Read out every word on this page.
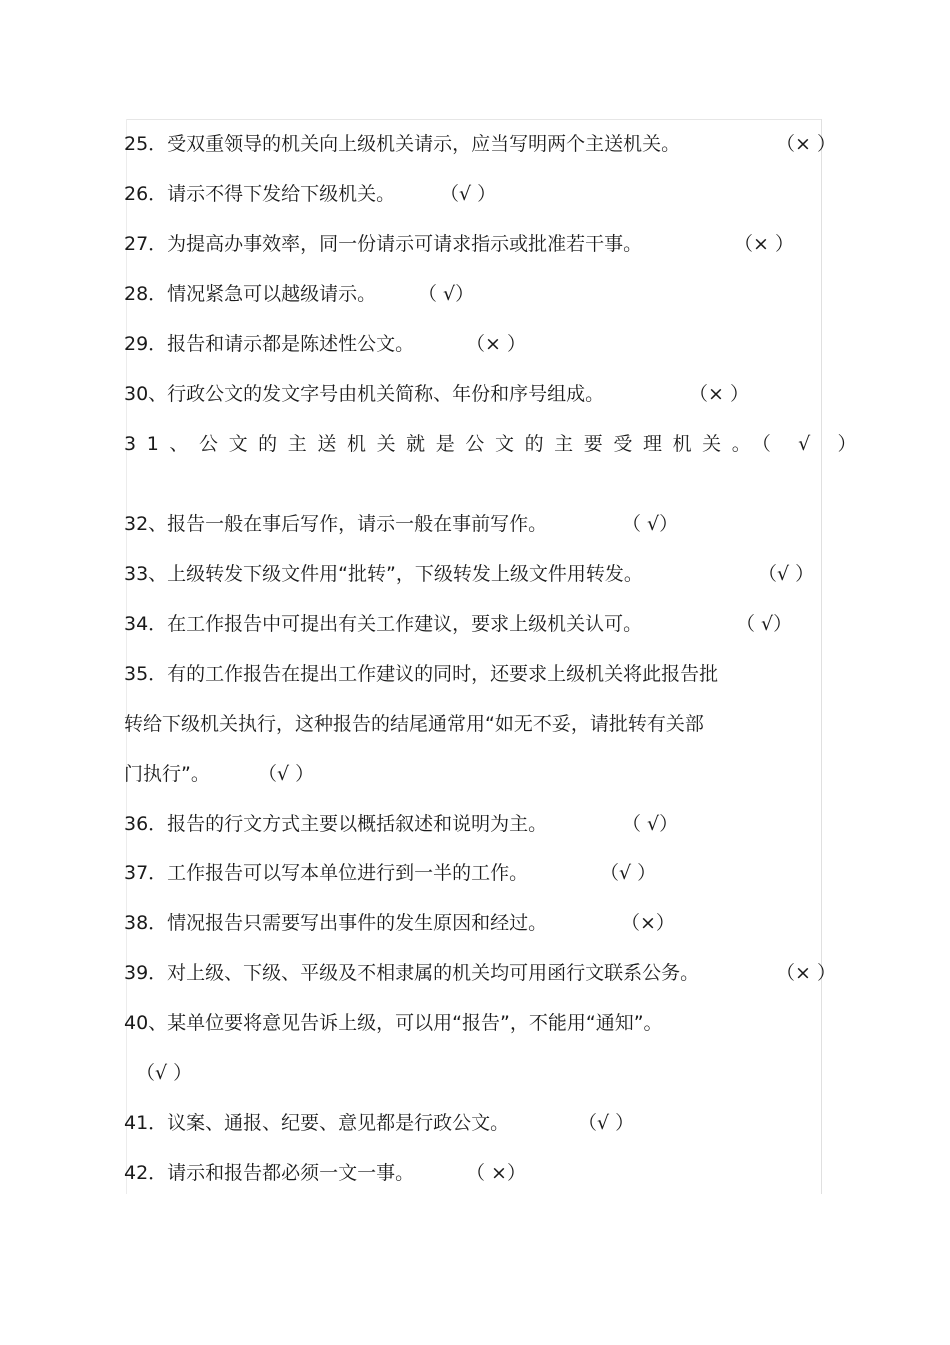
25．受双重领导的机关向上级机关请示，应当写明两个主送机关。	（× ）
26．请示不得下发给下级机关。 （√ ）
27．为提高办事效率，同一份请示可请求指示或批准若干事。	（× ）
28．情况紧急可以越级请示。 （ √）
29．报告和请示都是陈述性公文。	（× ）
30、行政公文的发文字号由机关简称、年份和序号组成。	（× ）
31、公文的主送机关就是公文的主要受理机关。（ √ ）
32、报告一般在事后写作，请示一般在事前写作。	（ √）
33、上级转发下级文件用“批转”，下级转发上级文件用转发。	（√ ）
34．在工作报告中可提出有关工作建议，要求上级机关认可。	（ √）
35．有的工作报告在提出工作建议的同时，还要求上级机关将此报告批
转给下级机关执行，这种报告的结尾通常用“如无不妥，请批转有关部
门执行”。	（√ ）
36．报告的行文方式主要以概括叙述和说明为主。	（ √）
37．工作报告可以写本单位进行到一半的工作。	（√ ）
38．情况报告只需要写出事件的发生原因和经过。	（×）
39．对上级、下级、平级及不相隶属的机关均可用函行文联系公务。	（× ）
40、某单位要将意见告诉上级，可以用“报告”，不能用“通知”。
（√ ）
41．议案、通报、纪要、意见都是行政公文。	（√ ）
42．请示和报告都必须一文一事。	（ ×）
